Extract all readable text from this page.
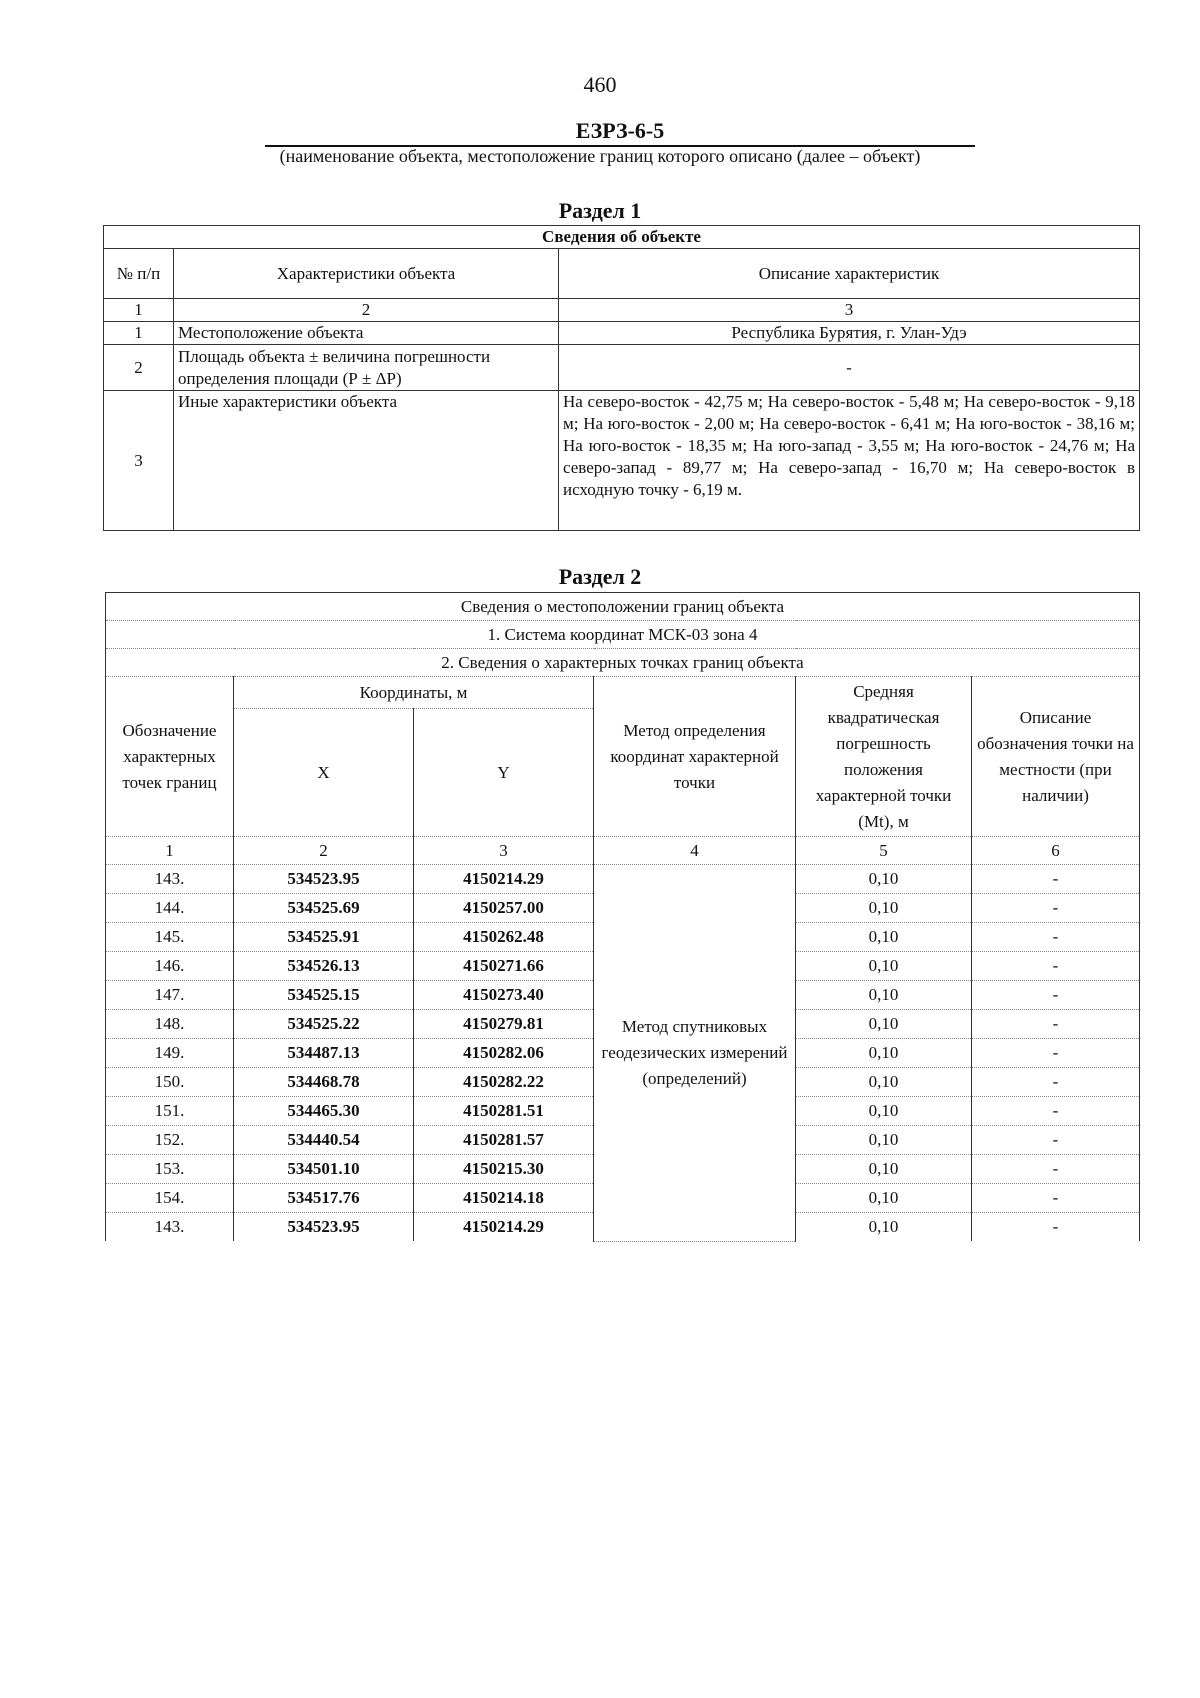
460
ЕЗРЗ-6-5
(наименование объекта, местоположение границ которого описано (далее – объект)
Раздел 1
Сведения об объекте		
№ п/п	Характеристики объекта	Описание характеристик
1	2	3
1	Местоположение объекта	Республика Бурятия, г. Улан-Удэ
2	Площадь объекта ± величина погрешности определения площади (Р ± ΔР)	-
3	Иные характеристики объекта	На северо-восток - 42,75 м; На северо-восток - 5,48 м; На северо-восток - 9,18 м; На юго-восток - 2,00 м; На северо-восток - 6,41 м; На юго-восток - 38,16 м; На юго-восток - 18,35 м; На юго-запад - 3,55 м; На юго-восток - 24,76 м; На северо-запад - 89,77 м; На северо-запад - 16,70 м; На северо-восток в исходную точку - 6,19 м.
Раздел 2
Сведения о местоположении границ объекта					
1. Система координат МСК-03 зона 4					
2. Сведения о характерных точках границ объекта					
Обозначение характерных точек границ	Координаты, м		Метод определения координат характерной точки	Средняя квадратическая погрешность положения характерной точки (Мt), м	Описание обозначения точки на местности (при наличии)
	X	Y			
1	2	3	4	5	6
143.	534523.95	4150214.29	Метод спутниковых геодезических измерений (определений)	0,10	-
144.	534525.69	4150257.00		0,10	-
145.	534525.91	4150262.48		0,10	-
146.	534526.13	4150271.66		0,10	-
147.	534525.15	4150273.40		0,10	-
148.	534525.22	4150279.81		0,10	-
149.	534487.13	4150282.06		0,10	-
150.	534468.78	4150282.22		0,10	-
151.	534465.30	4150281.51		0,10	-
152.	534440.54	4150281.57		0,10	-
153.	534501.10	4150215.30		0,10	-
154.	534517.76	4150214.18		0,10	-
143.	534523.95	4150214.29		0,10	-
